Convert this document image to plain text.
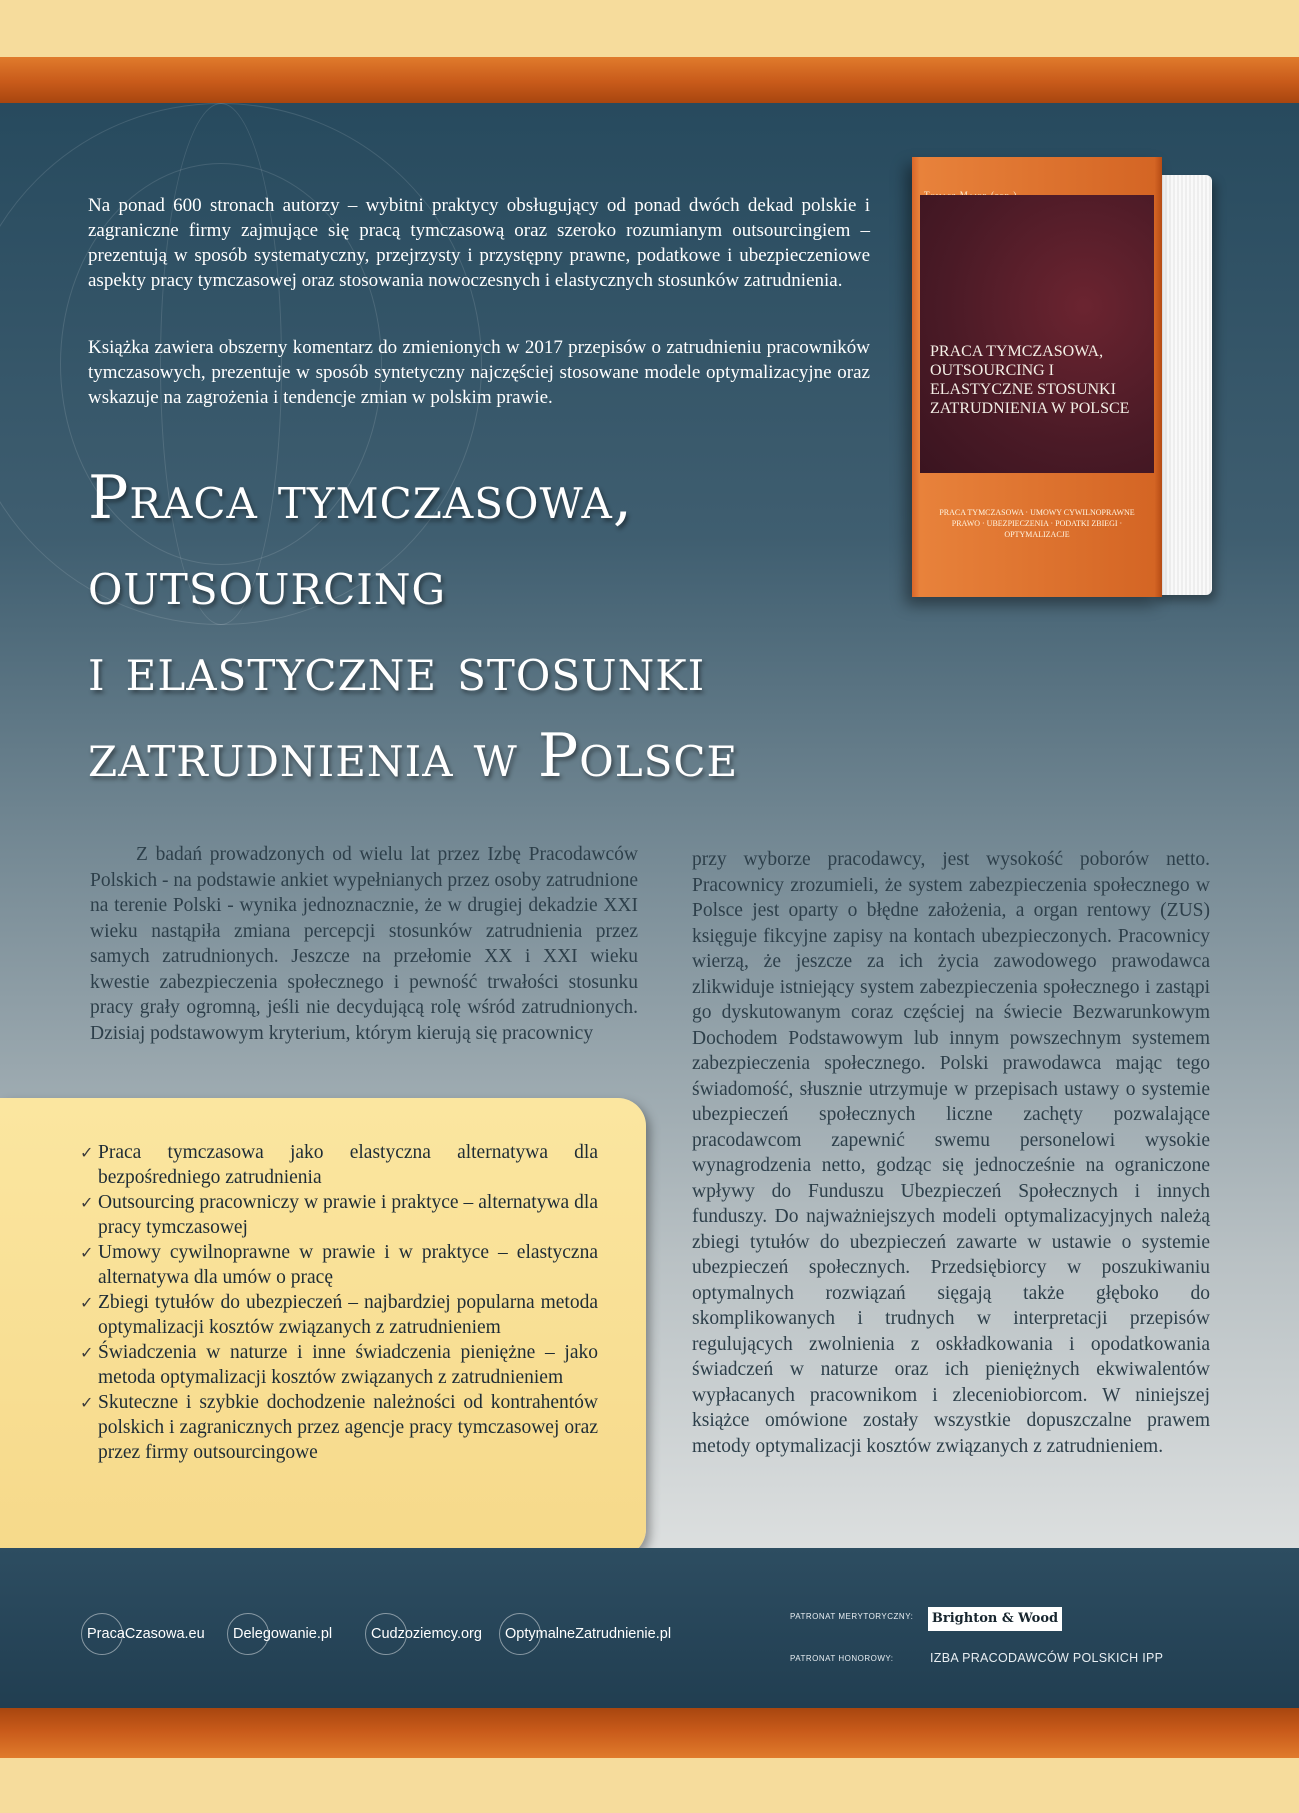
Na ponad 600 stronach autorzy – wybitni praktycy obsługujący od ponad dwóch dekad polskie i zagraniczne firmy zajmujące się pracą tymczasową oraz szeroko rozumianym outsourcingiem – prezentują w sposób systematyczny, przejrzysty i przystępny prawne, podatkowe i ubezpieczeniowe aspekty pracy tymczasowej oraz stosowania nowoczesnych i elastycznych stosunków zatrudnienia.

Książka zawiera obszerny komentarz do zmienionych w 2017 przepisów o zatrudnieniu pracowników tymczasowych, prezentuje w sposób syntetyczny najczęściej stosowane modele optymalizacyjne oraz wskazuje na zagrożenia i tendencje zmian w polskim prawie.

PRACA TYMCZASOWA, OUTSOURCING I ELASTYCZNE STOSUNKI ZATRUDNIENIA W POLSCE
PRACA TYMCZASOWA · UMOWY CYWILNOPRAWNE PRAWO · UBEZPIECZENIA · PODATKI ZBIEGI · OPTYMALIZACJE
Praca tymczasowa,
outsourcing
i elastyczne stosunki
zatrudnienia w Polsce

Z badań prowadzonych od wielu lat przez Izbę Pracodawców Polskich - na podstawie ankiet wypełnianych przez osoby zatrudnione na terenie Polski - wynika jednoznacznie, że w drugiej dekadzie XXI wieku nastąpiła zmiana percepcji stosunków zatrudnienia przez samych zatrudnionych. Jeszcze na przełomie XX i XXI wieku kwestie zabezpieczenia społecznego i pewność trwałości stosunku pracy grały ogromną, jeśli nie decydującą rolę wśród zatrudnionych. Dzisiaj podstawowym kryterium, którym kierują się pracownicy

przy wyborze pracodawcy, jest wysokość poborów netto. Pracownicy zrozumieli, że system zabezpieczenia społecznego w Polsce jest oparty o błędne założenia, a organ rentowy (ZUS) księguje fikcyjne zapisy na kontach ubezpieczonych. Pracownicy wierzą, że jeszcze za ich życia zawodowego prawodawca zlikwiduje istniejący system zabezpieczenia społecznego i zastąpi go dyskutowanym coraz częściej na świecie Bezwarunkowym Dochodem Podstawowym lub innym powszechnym systemem zabezpieczenia społecznego. Polski prawodawca mając tego świadomość, słusznie utrzymuje w przepisach ustawy o systemie ubezpieczeń społecznych liczne zachęty pozwalające pracodawcom zapewnić swemu personelowi wysokie wynagrodzenia netto, godząc się jednocześnie na ograniczone wpływy do Funduszu Ubezpieczeń Społecznych i innych funduszy. Do najważniejszych modeli optymalizacyjnych należą zbiegi tytułów do ubezpieczeń zawarte w ustawie o systemie ubezpieczeń społecznych. Przedsiębiorcy w poszukiwaniu optymalnych rozwiązań sięgają także głęboko do skomplikowanych i trudnych w interpretacji przepisów regulujących zwolnienia z oskładkowania i opodatkowania świadczeń w naturze oraz ich pieniężnych ekwiwalentów wypłacanych pracownikom i zleceniobiorcom. W niniejszej książce omówione zostały wszystkie dopuszczalne prawem metody optymalizacji kosztów związanych z zatrudnieniem.

✓ Praca tymczasowa jako elastyczna alternatywa dla bezpośredniego zatrudnienia
✓ Outsourcing pracowniczy w prawie i praktyce – alternatywa dla pracy tymczasowej
✓ Umowy cywilnoprawne w prawie i w praktyce – elastyczna alternatywa dla umów o pracę
✓ Zbiegi tytułów do ubezpieczeń – najbardziej popularna metoda optymalizacji kosztów związanych z zatrudnieniem
✓ Świadczenia w naturze i inne świadczenia pieniężne – jako metoda optymalizacji kosztów związanych z zatrudnieniem
✓ Skuteczne i szybkie dochodzenie należności od kontrahentów polskich i zagranicznych przez agencje pracy tymczasowej oraz przez firmy outsourcingowe
PracaCzasowa.eu Delegowanie.pl	Cudzoziemcy.org OptymalneZatrudnienie.pl
PATRONAT MERYTORYCZNY: Brighton & Wood
PATRONAT HONOROWY:	IZBA PRACODAWCÓW POLSKICH IPP
